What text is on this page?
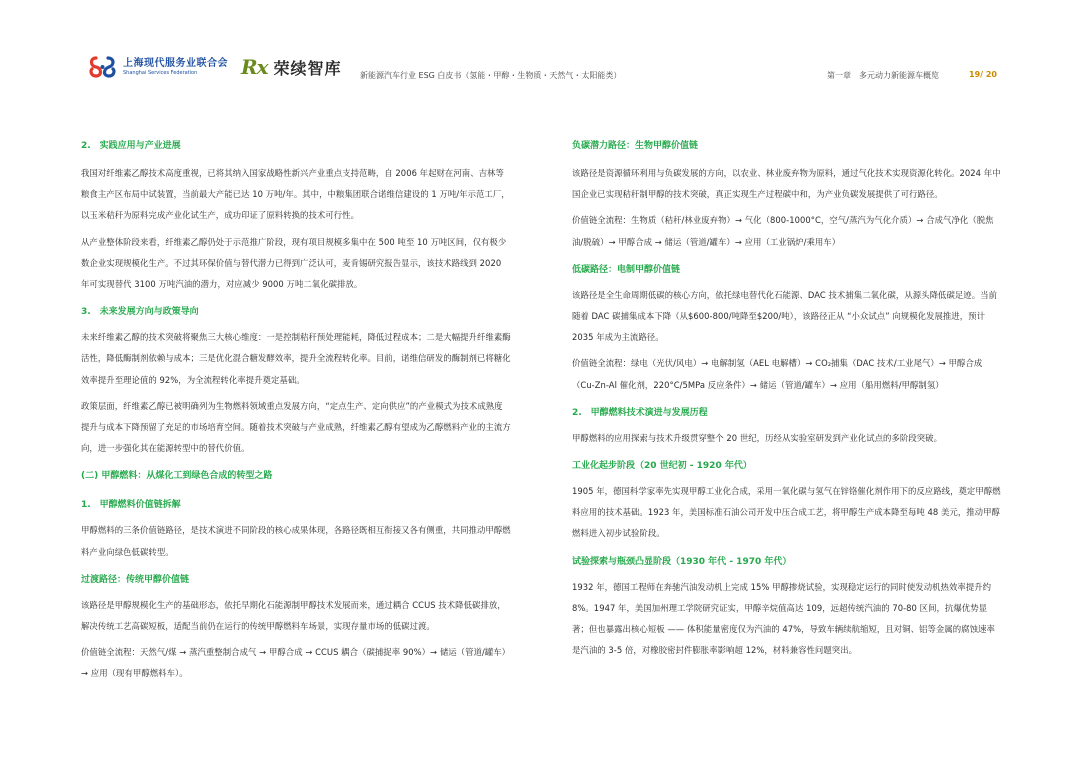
上海现代服务业联合会
Shanghai Services Federation	Rx 荣续智库 新能源汽车行业 ESG 白皮书（氢能・甲醇・生物质・天然气・太阳能类）	第一章　多元动力新能源车概览	19/ 20
2.　实践应用与产业进展
我国对纤维素乙醇技术高度重视，已将其纳入国家战略性新兴产业重点支持范畴，自 2006 年起财在河南、吉林等粮食主产区布局中试装置，当前最大产能已达 10 万吨/年。其中，中粮集团联合诺维信建设的 1 万吨/年示范工厂，以玉米秸秆为原料完成产业化试生产，成功印证了原料转换的技术可行性。
从产业整体阶段来看，纤维素乙醇仍处于示范推广阶段，现有项目规模多集中在 500 吨至 10 万吨区间，仅有极少数企业实现规模化生产。不过其环保价值与替代潜力已得到广泛认可，麦肯锡研究报告显示，该技术路线到 2020 年可实现替代 3100 万吨汽油的潜力，对应减少 9000 万吨二氧化碳排放。
3.　未来发展方向与政策导向
未来纤维素乙醇的技术突破将聚焦三大核心维度：一是控制秸秆预处理能耗，降低过程成本；二是大幅提升纤维素酶活性，降低酶制剂依赖与成本；三是优化混合糖发酵效率，提升全流程转化率。目前，诺维信研发的酶制剂已将糖化效率提升至理论值的 92%，为全流程转化率提升奠定基础。
政策层面，纤维素乙醇已被明确列为生物燃料领域重点发展方向，“定点生产、定向供应”的产业模式为技术成熟度提升与成本下降预留了充足的市场培育空间。随着技术突破与产业成熟，纤维素乙醇有望成为乙醇燃料产业的主流方向，进一步强化其在能源转型中的替代价值。
(二) 甲醇燃料：从煤化工到绿色合成的转型之路
1.　甲醇燃料价值链拆解
甲醇燃料的三条价值链路径，是技术演进不同阶段的核心成果体现，各路径既相互衔接又各有侧重，共同推动甲醇燃料产业向绿色低碳转型。
过渡路径：传统甲醇价值链
该路径是甲醇规模化生产的基础形态，依托早期化石能源制甲醇技术发展而来，通过耦合 CCUS 技术降低碳排放，解决传统工艺高碳短板，适配当前仍在运行的传统甲醇燃料车场景，实现存量市场的低碳过渡。
价值链全流程：天然气/煤 → 蒸汽重整制合成气 → 甲醇合成 → CCUS 耦合（碳捕捉率 90%）→ 储运（管道/罐车）→ 应用（现有甲醇燃料车）。
负碳潜力路径：生物甲醇价值链
该路径是资源循环利用与负碳发展的方向，以农业、林业废弃物为原料，通过气化技术实现资源化转化。2024 年中国企业已实现秸秆制甲醇的技术突破，真正实现生产过程碳中和，为产业负碳发展提供了可行路径。
价值链全流程：生物质（秸秆/林业废弃物）→ 气化（800-1000°C，空气/蒸汽为气化介质）→ 合成气净化（脱焦油/脱硫）→ 甲醇合成 → 储运（管道/罐车）→ 应用（工业锅炉/乘用车）
低碳路径：电制甲醇价值链
该路径是全生命周期低碳的核心方向，依托绿电替代化石能源、DAC 技术捕集二氧化碳，从源头降低碳足迹。当前随着 DAC 碳捕集成本下降（从$600-800/吨降至$200/吨），该路径正从 “小众试点” 向规模化发展推进，预计 2035 年成为主流路径。
价值链全流程：绿电（光伏/风电）→ 电解制氢（AEL 电解槽）→ CO₂捕集（DAC 技术/工业尾气）→ 甲醇合成（Cu-Zn-Al 催化剂，220°C/5MPa 反应条件）→ 储运（管道/罐车）→ 应用（船用燃料/甲醇制氢）
2.　甲醇燃料技术演进与发展历程
甲醇燃料的应用探索与技术升级贯穿整个 20 世纪，历经从实验室研发到产业化试点的多阶段突破。
工业化起步阶段（20 世纪初 - 1920 年代）
1905 年，德国科学家率先实现甲醇工业化合成，采用一氧化碳与氢气在锌铬催化剂作用下的反应路线，奠定甲醇燃料应用的技术基础。1923 年，美国标准石油公司开发中压合成工艺，将甲醇生产成本降至每吨 48 美元，推动甲醇燃料进入初步试验阶段。
试验探索与瓶颈凸显阶段（1930 年代 - 1970 年代）
1932 年，德国工程师在奔驰汽油发动机上完成 15% 甲醇掺烧试验，实现稳定运行的同时使发动机热效率提升约8%。1947 年，美国加州理工学院研究证实，甲醇辛烷值高达 109，远超传统汽油的 70-80 区间，抗爆优势显著；但也暴露出核心短板 —— 体积能量密度仅为汽油的 47%，导致车辆续航缩短，且对铜、铝等金属的腐蚀速率是汽油的 3-5 倍，对橡胶密封件膨胀率影响超 12%，材料兼容性问题突出。
